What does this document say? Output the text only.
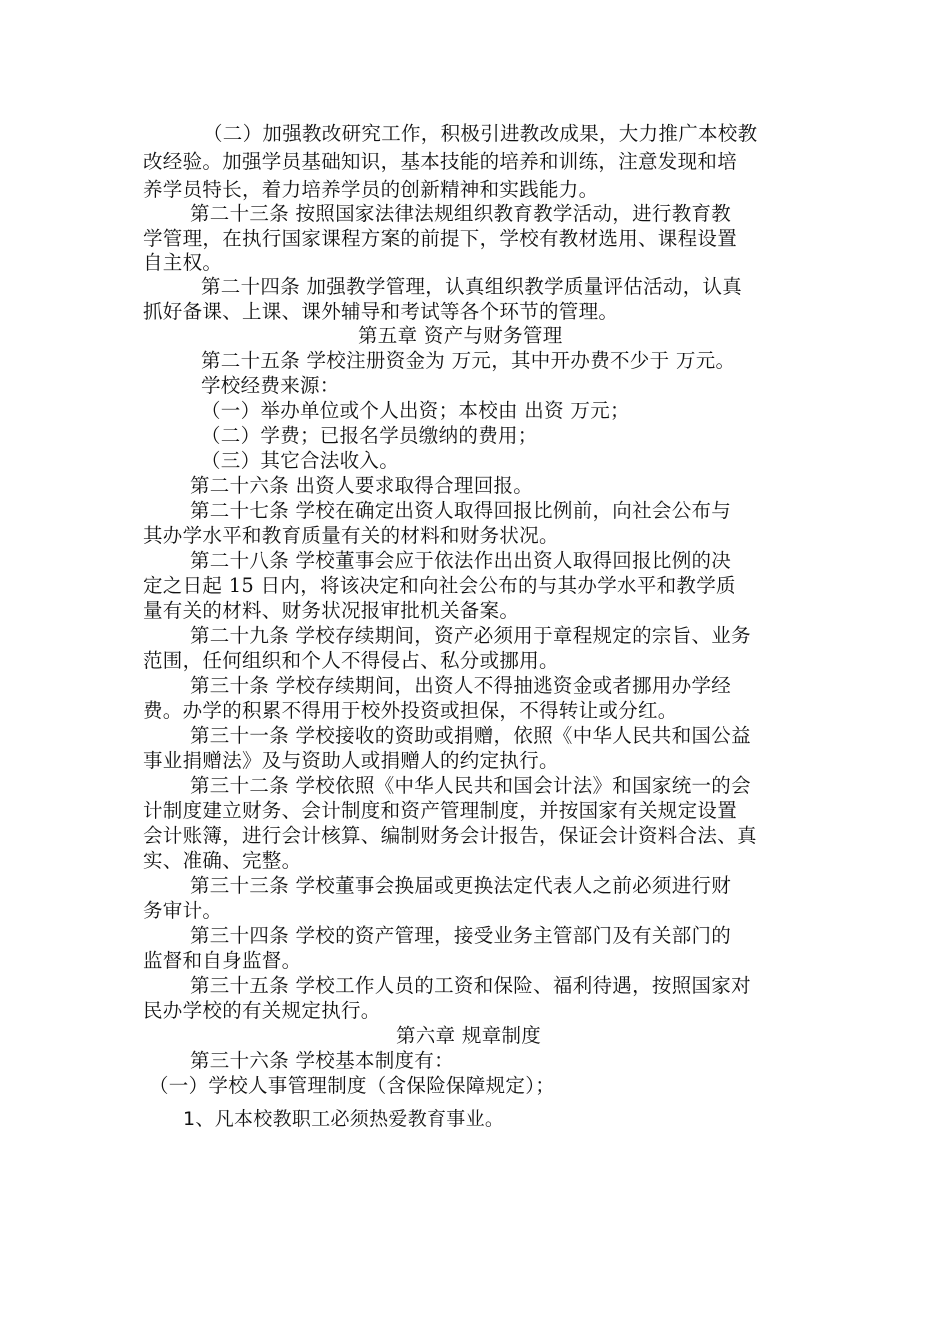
（二）加强教改研究工作，积极引进教改成果，大力推广本校教
改经验。加强学员基础知识，基本技能的培养和训练，注意发现和培
养学员特长，着力培养学员的创新精神和实践能力。
第二十三条 按照国家法律法规组织教育教学活动，进行教育教
学管理，在执行国家课程方案的前提下，学校有教材选用、课程设置
自主权。
第二十四条 加强教学管理，认真组织教学质量评估活动，认真
抓好备课、上课、课外辅导和考试等各个环节的管理。
第五章 资产与财务管理
第二十五条 学校注册资金为 万元，其中开办费不少于 万元。
学校经费来源：
（一）举办单位或个人出资；本校由 出资 万元；
（二）学费；已报名学员缴纳的费用；
（三）其它合法收入。
第二十六条 出资人要求取得合理回报。
第二十七条 学校在确定出资人取得回报比例前，向社会公布与
其办学水平和教育质量有关的材料和财务状况。
第二十八条 学校董事会应于依法作出出资人取得回报比例的决
定之日起 15 日内，将该决定和向社会公布的与其办学水平和教学质
量有关的材料、财务状况报审批机关备案。
第二十九条 学校存续期间，资产必须用于章程规定的宗旨、业务
范围，任何组织和个人不得侵占、私分或挪用。
第三十条 学校存续期间，出资人不得抽逃资金或者挪用办学经
费。办学的积累不得用于校外投资或担保，不得转让或分红。
第三十一条 学校接收的资助或捐赠，依照《中华人民共和国公益
事业捐赠法》及与资助人或捐赠人的约定执行。
第三十二条 学校依照《中华人民共和国会计法》和国家统一的会
计制度建立财务、会计制度和资产管理制度，并按国家有关规定设置
会计账簿，进行会计核算、编制财务会计报告，保证会计资料合法、真
实、准确、完整。
第三十三条 学校董事会换届或更换法定代表人之前必须进行财
务审计。
第三十四条 学校的资产管理，接受业务主管部门及有关部门的
监督和自身监督。
第三十五条 学校工作人员的工资和保险、福利待遇，按照国家对
民办学校的有关规定执行。
第六章 规章制度
第三十六条 学校基本制度有：
（一）学校人事管理制度（含保险保障规定）；
1、凡本校教职工必须热爱教育事业。
